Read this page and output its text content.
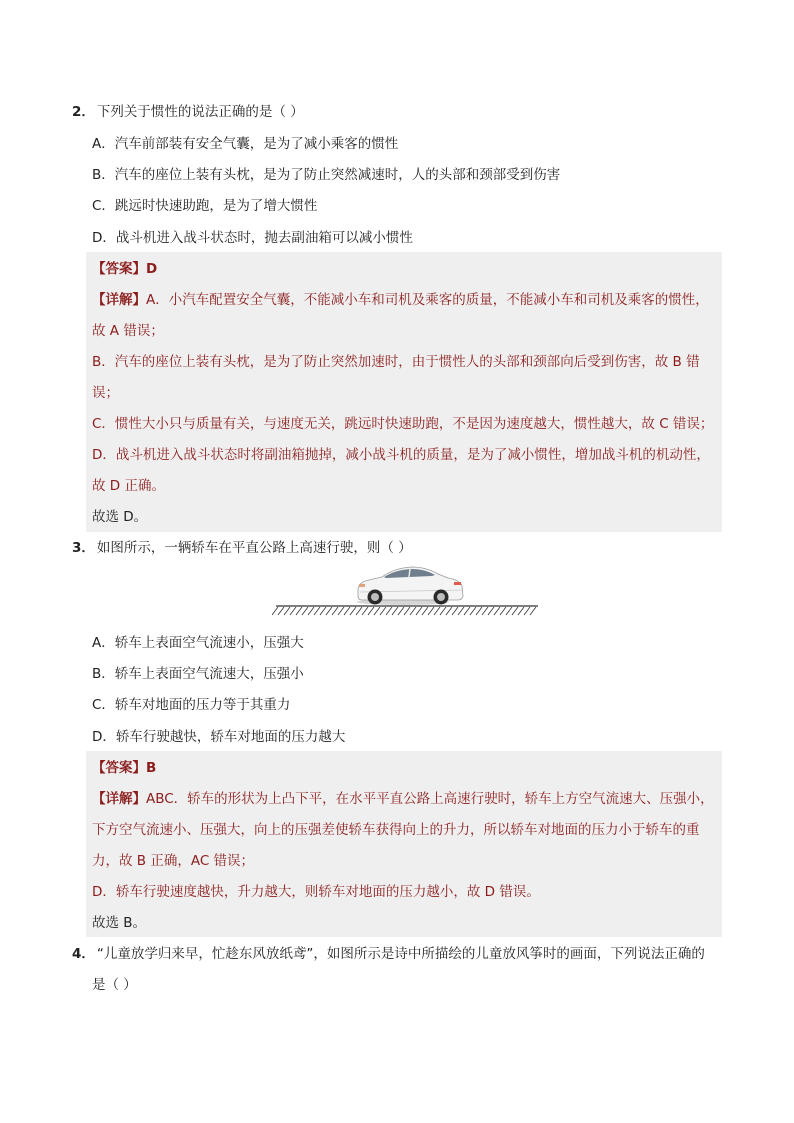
2． 下列关于惯性的说法正确的是（ ）

A．汽车前部装有安全气囊，是为了减小乘客的惯性

B．汽车的座位上装有头枕，是为了防止突然减速时，人的头部和颈部受到伤害

C．跳远时快速助跑，是为了增大惯性

D．战斗机进入战斗状态时，抛去副油箱可以减小惯性

【答案】D

【详解】A．小汽车配置安全气囊，不能减小车和司机及乘客的质量，不能减小车和司机及乘客的惯性，

故 A 错误；

B．汽车的座位上装有头枕，是为了防止突然加速时，由于惯性人的头部和颈部向后受到伤害，故 B 错

误；

C．惯性大小只与质量有关，与速度无关，跳远时快速助跑，不是因为速度越大，惯性越大，故 C 错误；

D．战斗机进入战斗状态时将副油箱抛掉，减小战斗机的质量，是为了减小惯性，增加战斗机的机动性，

故 D 正确。

故选 D。

3． 如图所示，一辆轿车在平直公路上高速行驶，则（ ）

A．轿车上表面空气流速小，压强大

B．轿车上表面空气流速大，压强小

C．轿车对地面的压力等于其重力

D．轿车行驶越快，轿车对地面的压力越大

【答案】B

【详解】ABC．轿车的形状为上凸下平，在水平平直公路上高速行驶时，轿车上方空气流速大、压强小，

下方空气流速小、压强大，向上的压强差使轿车获得向上的升力，所以轿车对地面的压力小于轿车的重

力，故 B 正确，AC 错误；

D．轿车行驶速度越快，升力越大，则轿车对地面的压力越小，故 D 错误。

故选 B。

4． “儿童放学归来早，忙趁东风放纸鸢”，如图所示是诗中所描绘的儿童放风筝时的画面，下列说法正确的

是（ ）
